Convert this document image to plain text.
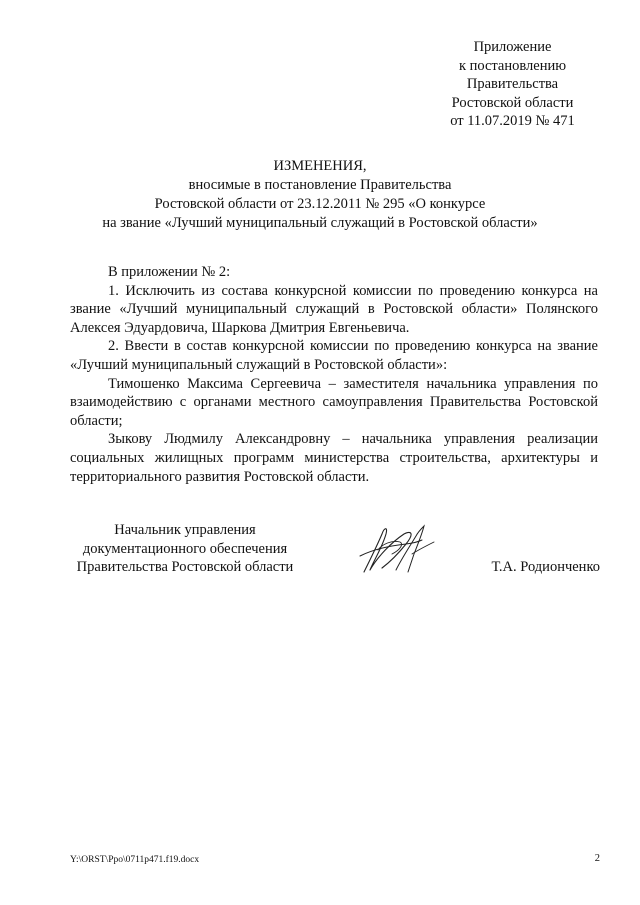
Приложение
к постановлению
Правительства
Ростовской области
от 11.07.2019 № 471
ИЗМЕНЕНИЯ,
вносимые в постановление Правительства
Ростовской области от 23.12.2011 № 295 «О конкурсе
на звание «Лучший муниципальный служащий в Ростовской области»

В приложении № 2:

1. Исключить из состава конкурсной комиссии по проведению конкурса на звание «Лучший муниципальный служащий в Ростовской области» Полянского Алексея Эдуардовича, Шаркова Дмитрия Евгеньевича.

2. Ввести в состав конкурсной комиссии по проведению конкурса на звание «Лучший муниципальный служащий в Ростовской области»:

Тимошенко Максима Сергеевича – заместителя начальника управления по взаимодействию с органами местного самоуправления Правительства Ростовской области;

Зыкову Людмилу Александровну – начальника управления реализации социальных жилищных программ министерства строительства, архитектуры и территориального развития Ростовской области.

Начальник управления
документационного обеспечения
Правительства Ростовской области	Т.А. Родионченко
Y:\ORST\Ppo\0711p471.f19.docx	2
